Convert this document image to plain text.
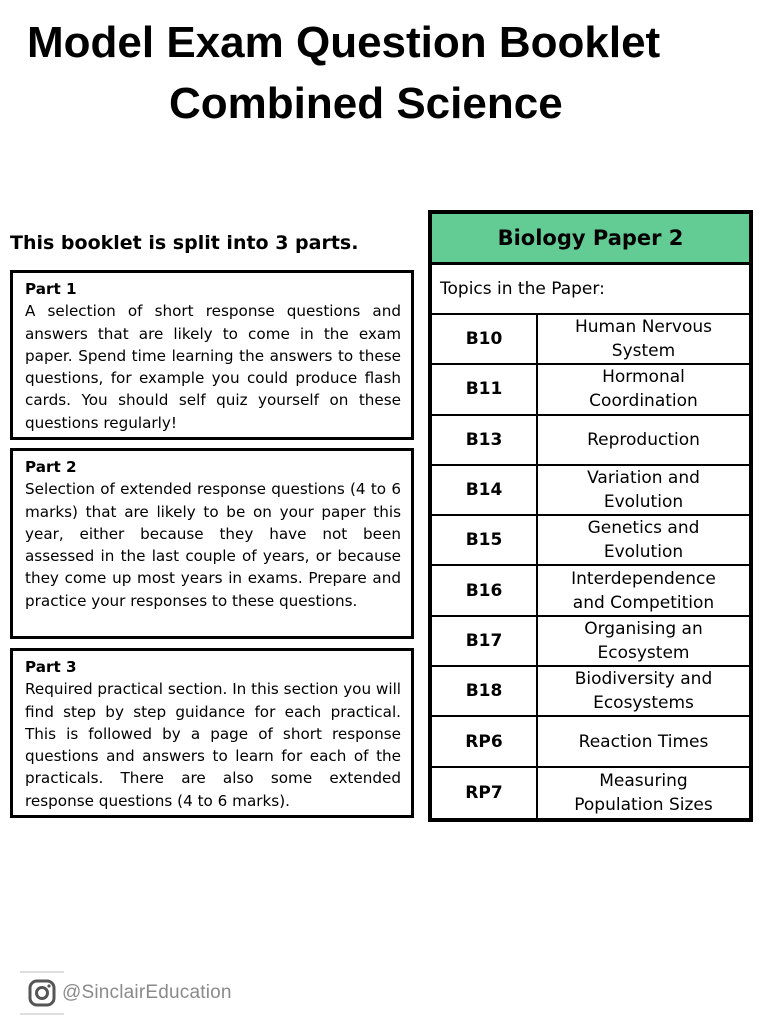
Model Exam Question Booklet
Combined Science
This booklet is split into 3 parts.
Part 1
A selection of short response questions and answers that are likely to come in the exam paper. Spend time learning the answers to these questions, for example you could produce flash cards. You should self quiz yourself on these questions regularly!
Part 2
Selection of extended response questions (4 to 6 marks) that are likely to be on your paper this year, either because they have not been assessed in the last couple of years, or because they come up most years in exams. Prepare and practice your responses to these questions.
Part 3
Required practical section. In this section you will find step by step guidance for each practical. This is followed by a page of short response questions and answers to learn for each of the practicals. There are also some extended response questions (4 to 6 marks).
Biology Paper 2
Topics in the Paper:
B10
Human Nervous
System
B11
Hormonal
Coordination
B13	Reproduction
B14
Variation and
Evolution
B15
Genetics and
Evolution
B16
Interdependence
and Competition
B17
Organising an
Ecosystem
B18
Biodiversity and
Ecosystems
RP6	Reaction Times
RP7
Measuring
Population Sizes
@SinclairEducation
